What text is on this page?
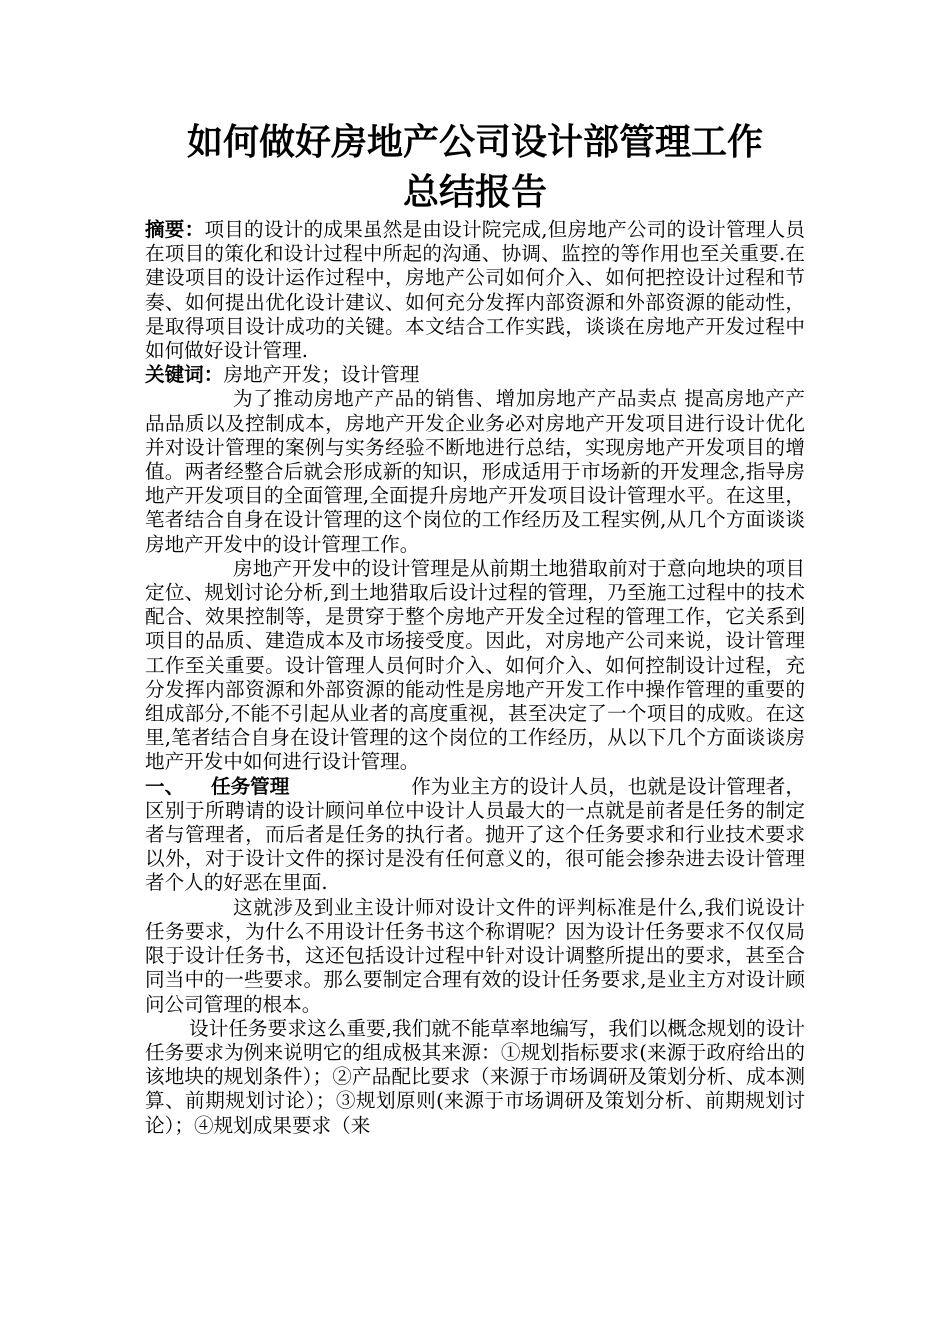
如何做好房地产公司设计部管理工作
总结报告

摘要：项目的设计的成果虽然是由设计院完成,但房地产公司的设计管理人员在项目的策化和设计过程中所起的沟通、协调、监控的等作用也至关重要.在建设项目的设计运作过程中，房地产公司如何介入、如何把控设计过程和节奏、如何提出优化设计建议、如何充分发挥内部资源和外部资源的能动性，是取得项目设计成功的关键。本文结合工作实践，谈谈在房地产开发过程中如何做好设计管理.

关键词：房地产开发；设计管理

为了推动房地产产品的销售、增加房地产产品卖点 提高房地产产品品质以及控制成本，房地产开发企业务必对房地产开发项目进行设计优化并对设计管理的案例与实务经验不断地进行总结，实现房地产开发项目的增值。两者经整合后就会形成新的知识，形成适用于市场新的开发理念,指导房地产开发项目的全面管理,全面提升房地产开发项目设计管理水平。在这里，笔者结合自身在设计管理的这个岗位的工作经历及工程实例,从几个方面谈谈房地产开发中的设计管理工作。

房地产开发中的设计管理是从前期土地猎取前对于意向地块的项目定位、规划讨论分析,到土地猎取后设计过程的管理，乃至施工过程中的技术配合、效果控制等，是贯穿于整个房地产开发全过程的管理工作，它关系到项目的品质、建造成本及市场接受度。因此，对房地产公司来说，设计管理工作至关重要。设计管理人员何时介入、如何介入、如何控制设计过程，充分发挥内部资源和外部资源的能动性是房地产开发工作中操作管理的重要的组成部分,不能不引起从业者的高度重视，甚至决定了一个项目的成败。在这里,笔者结合自身在设计管理的这个岗位的工作经历，从以下几个方面谈谈房地产开发中如何进行设计管理。

一、 任务管理	作为业主方的设计人员，也就是设计管理者，区别于所聘请的设计顾问单位中设计人员最大的一点就是前者是任务的制定者与管理者，而后者是任务的执行者。抛开了这个任务要求和行业技术要求以外，对于设计文件的探讨是没有任何意义的，很可能会掺杂进去设计管理者个人的好恶在里面.

这就涉及到业主设计师对设计文件的评判标准是什么,我们说设计任务要求，为什么不用设计任务书这个称谓呢？因为设计任务要求不仅仅局限于设计任务书，这还包括设计过程中针对设计调整所提出的要求，甚至合同当中的一些要求。那么要制定合理有效的设计任务要求,是业主方对设计顾问公司管理的根本。

设计任务要求这么重要,我们就不能草率地编写，我们以概念规划的设计任务要求为例来说明它的组成极其来源：①规划指标要求(来源于政府给出的该地块的规划条件）；②产品配比要求（来源于市场调研及策划分析、成本测算、前期规划讨论）；③规划原则(来源于市场调研及策划分析、前期规划讨论）；④规划成果要求（来
